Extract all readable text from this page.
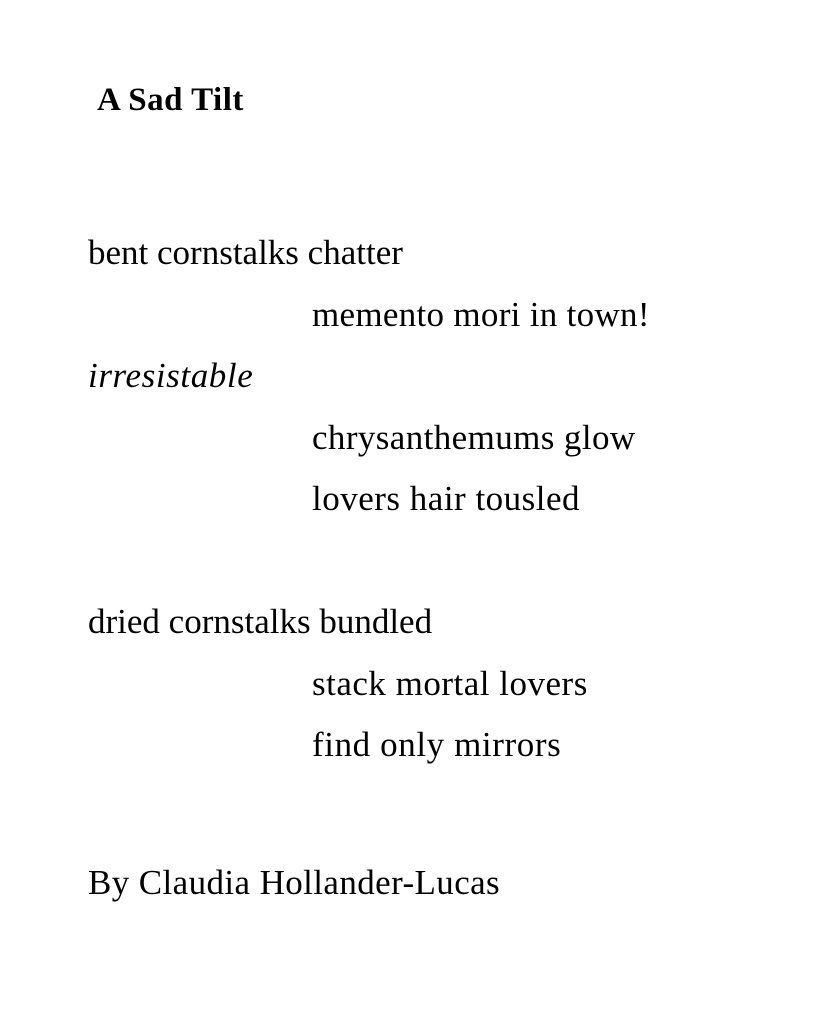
A Sad Tilt
bent cornstalks chatter
memento mori in town!
irresistable
chrysanthemums glow
lovers hair tousled
dried cornstalks bundled
stack mortal lovers
find only mirrors
By Claudia Hollander-Lucas
